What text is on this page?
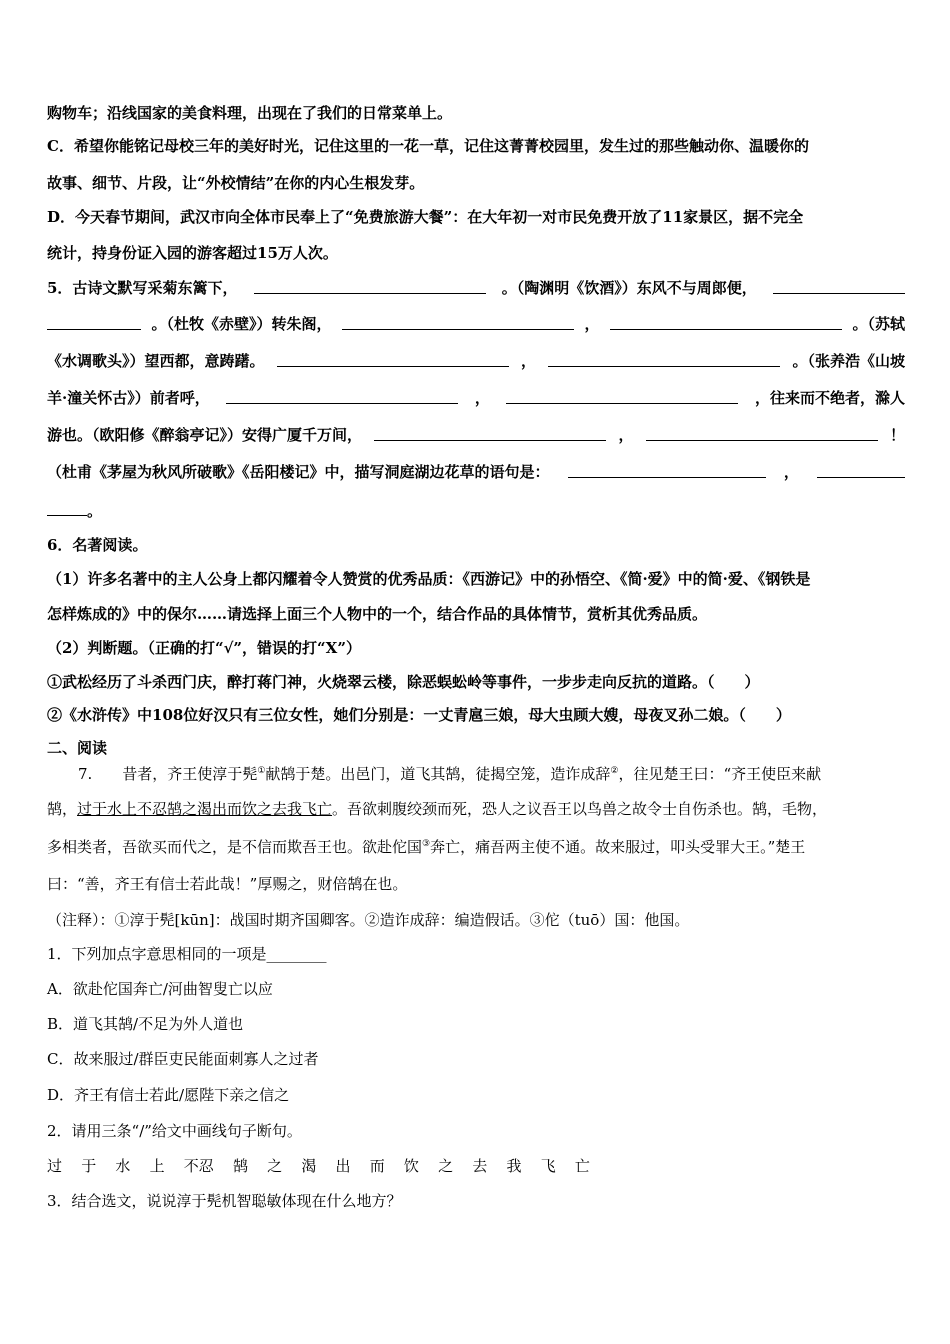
购物车；沿线国家的美食料理，出现在了我们的日常菜单上。
C．希望你能铭记母校三年的美好时光，记住这里的一花一草，记住这菁菁校园里，发生过的那些触动你、温暖你的
故事、细节、片段，让“外校情结”在你的内心生根发芽。
D．今天春节期间，武汉市向全体市民奉上了“免费旅游大餐”：在大年初一对市民免费开放了11家景区，据不完全
统计，持身份证入园的游客超过15万人次。
5．古诗文默写采菊东篱下，	。（陶渊明《饮酒》）东风不与周郎便，
。（杜牧《赤壁》）转朱阁，	，	。（苏轼
《水调歌头》）望西都，意踌躇。	，	。（张养浩《山坡
羊·潼关怀古》）前者呼，	，	，往来而不绝者，滁人
游也。（欧阳修《醉翁亭记》）安得广厦千万间，	，	！
（杜甫《茅屋为秋风所破歌》《岳阳楼记》中，描写洞庭湖边花草的语句是：	，
。
6．名著阅读。
（1）许多名著中的主人公身上都闪耀着令人赞赏的优秀品质：《西游记》中的孙悟空、《简·爱》中的简·爱、《钢铁是
怎样炼成的》中的保尔……请选择上面三个人物中的一个，结合作品的具体情节，赏析其优秀品质。
（2）判断题。（正确的打“√”，错误的打“X”）
①武松经历了斗杀西门庆，醉打蒋门神，火烧翠云楼，除恶蜈蚣岭等事件，一步步走向反抗的道路。（　　）
②《水浒传》中108位好汉只有三位女性，她们分别是：一丈青扈三娘，母大虫顾大嫂，母夜叉孙二娘。（　　）
二、阅读
7.　　昔者，齐王使淳于髡①献鹄于楚。出邑门，道飞其鹄，徒揭空笼，造诈成辞②，往见楚王曰：“齐王使臣来献
鹄，过于水上不忍鹄之渴出而饮之去我飞亡。吾欲刺腹绞颈而死，恐人之议吾王以鸟兽之故令士自伤杀也。鹄，毛物，
多相类者，吾欲买而代之，是不信而欺吾王也。欲赴佗国③奔亡，痛吾两主使不通。故来服过，叩头受罪大王。”楚王
曰：“善，齐王有信士若此哉！”厚赐之，财倍鹄在也。
（注释）：①淳于髡[kūn]：战国时期齐国卿客。②造诈成辞：编造假话。③佗（tuō）国：他国。
1．下列加点字意思相同的一项是________
A．欲赴佗国奔亡/河曲智叟亡以应
B．道飞其鹄/不足为外人道也
C．故来服过/群臣吏民能面刺寡人之过者
D．齐王有信士若此/愿陛下亲之信之
2．请用三条“/”给文中画线句子断句。
过 于 水 上 不忍 鹄 之 渴 出 而 饮 之 去 我 飞 亡
3．结合选文，说说淳于髡机智聪敏体现在什么地方？
